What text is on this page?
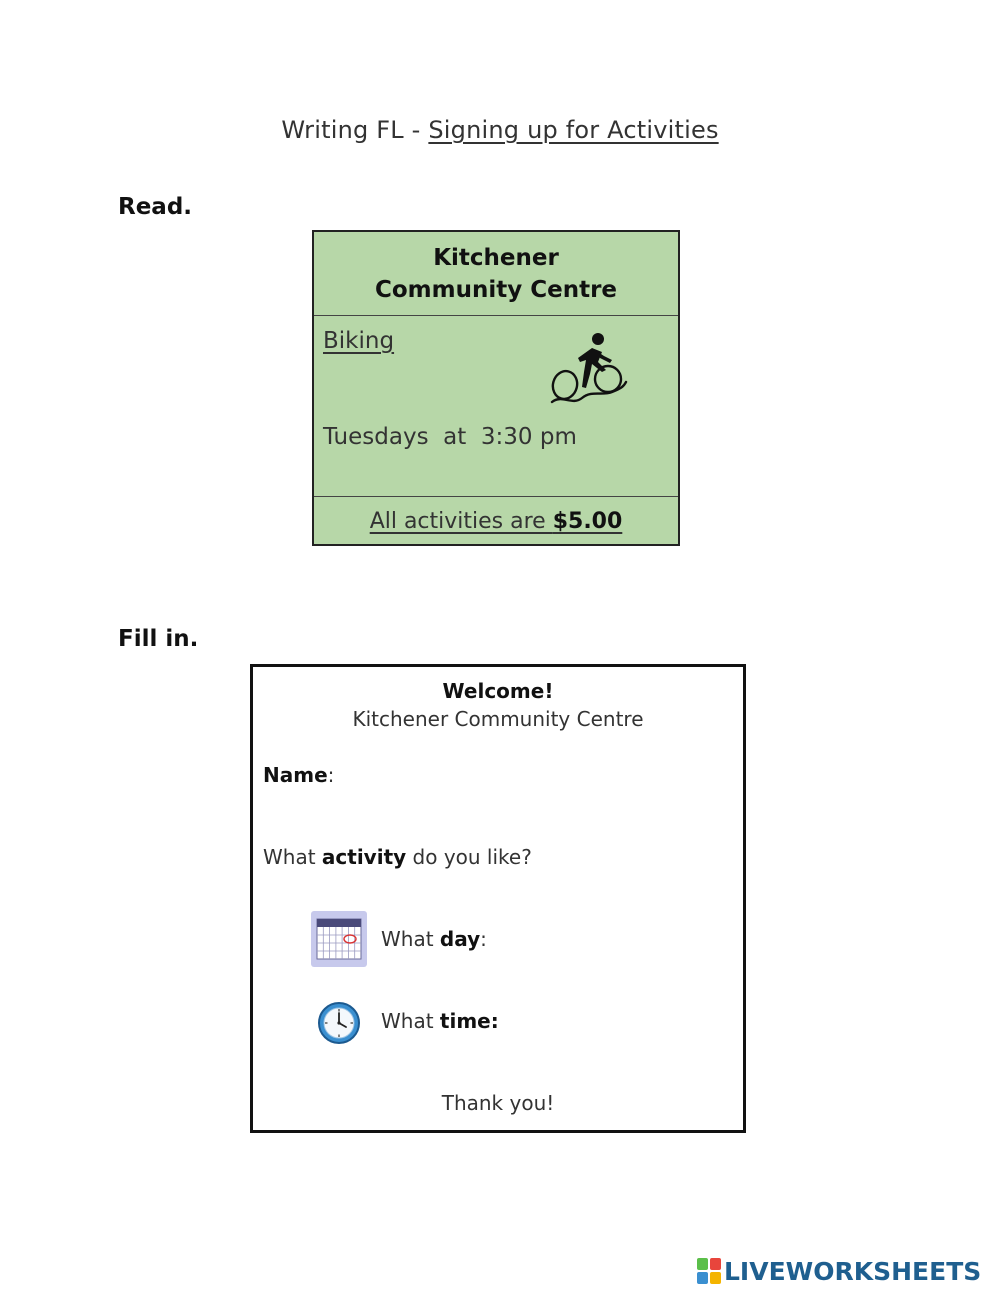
Writing FL - Signing up for Activities
Read.
Kitchener
Community Centre
Biking
Tuesdays  at  3:30 pm
All activities are $5.00
Fill in.
Welcome!
Kitchener Community Centre
Name:
What activity do you like?
What day:
What time:
Thank you!
LIVEWORKSHEETS
